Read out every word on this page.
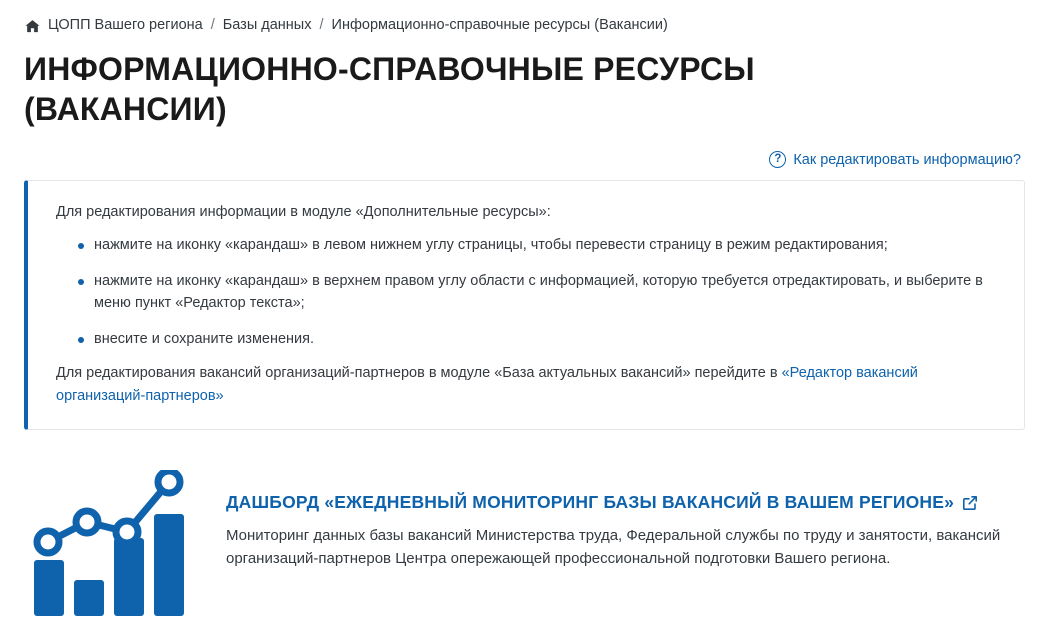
ЦОПП Вашего региона / Базы данных / Информационно-справочные ресурсы (Вакансии)
ИНФОРМАЦИОННО-СПРАВОЧНЫЕ РЕСУРСЫ (ВАКАНСИИ)
? Как редактировать информацию?

Для редактирования информации в модуле «Дополнительные ресурсы»:

нажмите на иконку «карандаш» в левом нижнем углу страницы, чтобы перевести страницу в режим редактирования;
нажмите на иконку «карандаш» в верхнем правом углу области с информацией, которую требуется отредактировать, и выберите в меню пункт «Редактор текста»;
внесите и сохраните изменения.

Для редактирования вакансий организаций-партнеров в модуле «База актуальных вакансий» перейдите в «Редактор вакансий организаций-партнеров»

ДАШБОРД «ЕЖЕДНЕВНЫЙ МОНИТОРИНГ БАЗЫ ВАКАНСИЙ В ВАШЕМ РЕГИОНЕ»

Мониторинг данных базы вакансий Министерства труда, Федеральной службы по труду и занятости, вакансий организаций-партнеров Центра опережающей профессиональной подготовки Вашего региона.
